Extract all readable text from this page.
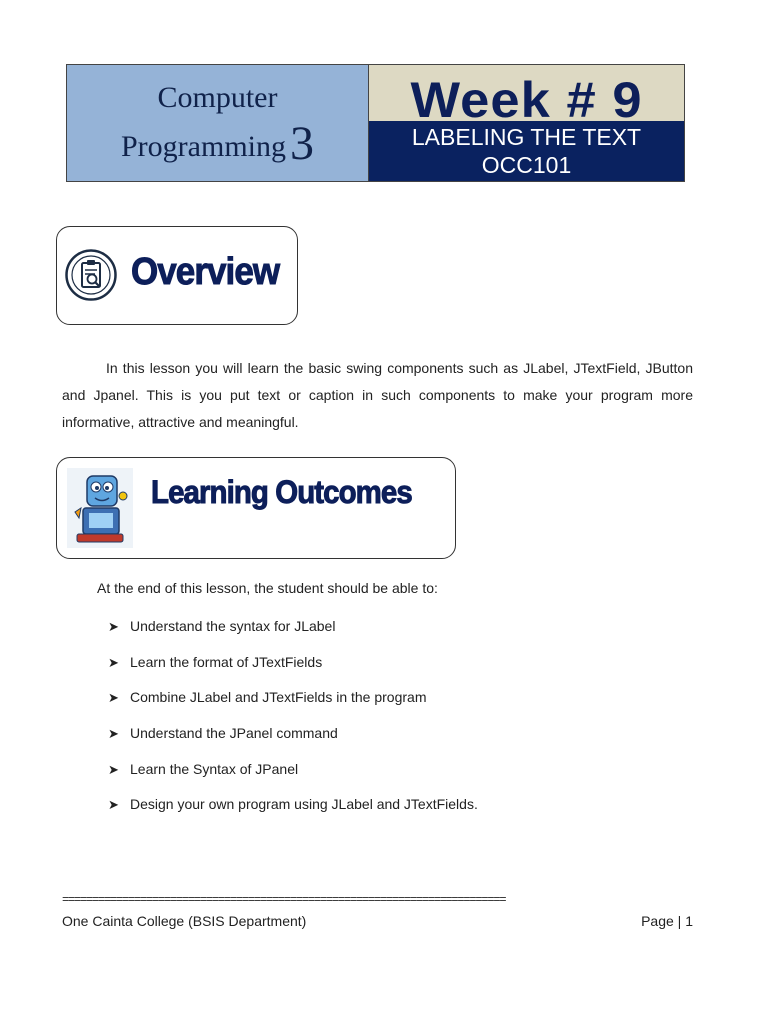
Computer
Programming3
Week # 9
LABELING THE TEXT
OCC101
Overview

In this lesson you will learn the basic swing components such as JLabel, JTextField, JButton and Jpanel. This is you put text or caption in such components to make your program more informative, attractive and meaningful.

Learning Outcomes

At the end of this lesson, the student should be able to:

➤ Understand the syntax for JLabel
➤ Learn the format of JTextFields
➤ Combine JLabel and JTextFields in the program
➤ Understand the JPanel command
➤ Learn the Syntax of JPanel
➤ Design your own program using JLabel and JTextFields.
==========================================================================
One Cainta College (BSIS Department)	Page | 1
